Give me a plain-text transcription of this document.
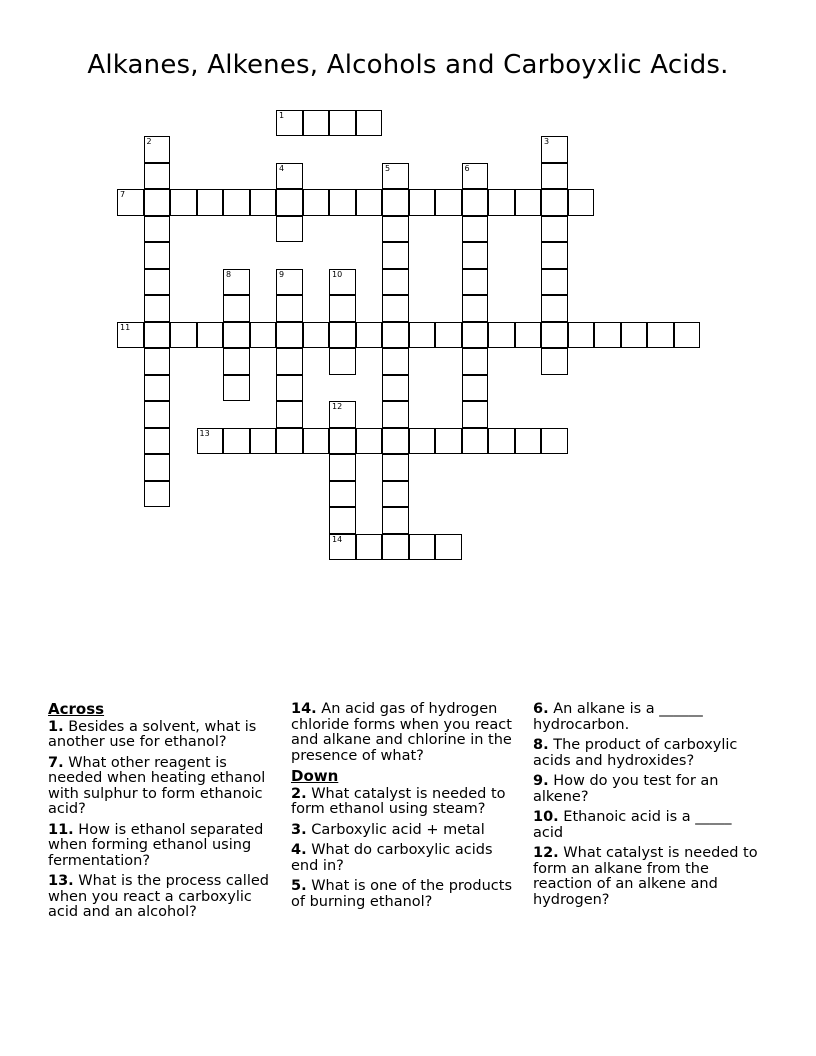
Alkanes, Alkenes, Alcohols and Carboyxlic Acids.
1
2	3
4	5	6
7
8	9	10
11
12
14
13
Across
1. Besides a solvent, what is another use for ethanol?
7. What other reagent is needed when heating ethanol with sulphur to form ethanoic acid?
11. How is ethanol separated when forming ethanol using fermentation?
13. What is the process called when you react a carboxylic acid and an alcohol?
14. An acid gas of hydrogen chloride forms when you react and alkane and chlorine in the presence of what?
Down
2. What catalyst is needed to form ethanol using steam?
3. Carboxylic acid + metal
4. What do carboxylic acids end in?
5. What is one of the products of burning ethanol?
6. An alkane is a ______ hydrocarbon.
8. The product of carboxylic acids and hydroxides?
9. How do you test for an alkene?
10. Ethanoic acid is a _____ acid
12. What catalyst is needed to form an alkane from the reaction of an alkene and hydrogen?
